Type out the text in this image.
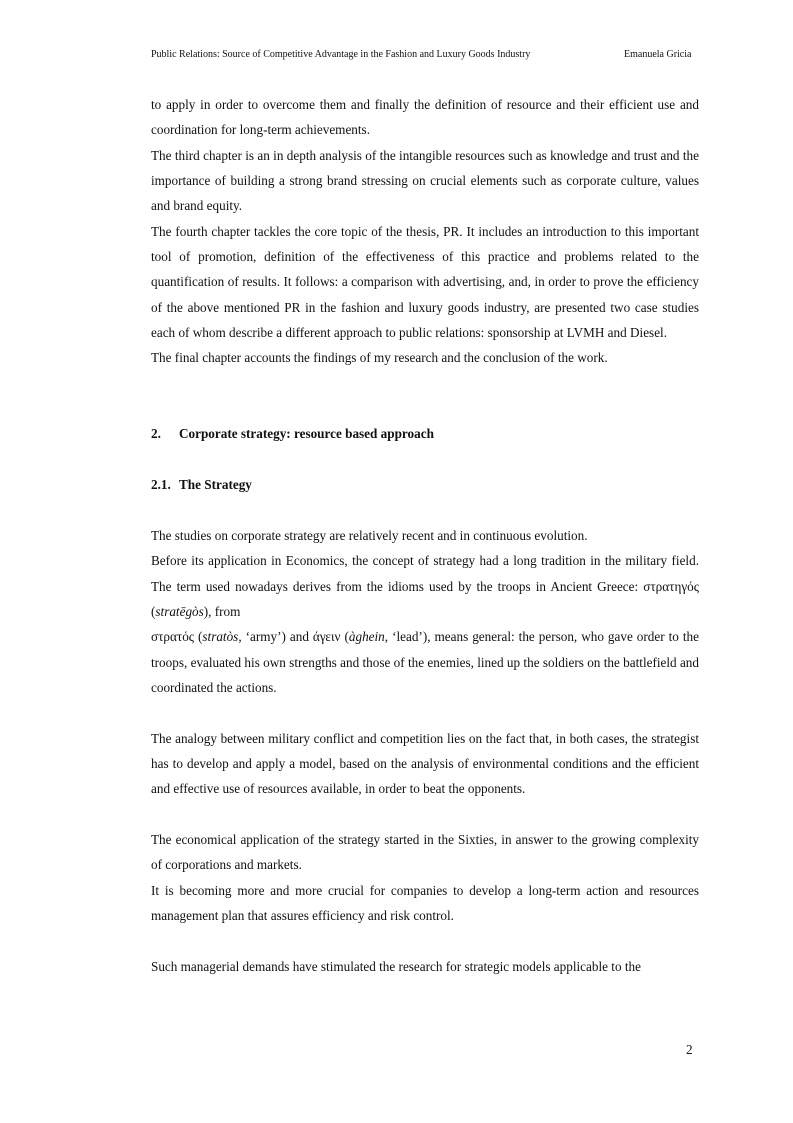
Public Relations: Source of Competitive Advantage in the Fashion and Luxury Goods Industry	Emanuela Gricia

to apply in order to overcome them and finally the definition of resource and their efficient use and coordination for long-term achievements.

The third chapter is an in depth analysis of the intangible resources such as knowledge and trust and the importance of building a strong brand stressing on crucial elements such as corporate culture, values and brand equity.

The fourth chapter tackles the core topic of the thesis, PR. It includes an introduction to this important tool of promotion, definition of the effectiveness of this practice and problems related to the quantification of results. It follows: a comparison with advertising, and, in order to prove the efficiency of the above mentioned PR in the fashion and luxury goods industry, are presented two case studies each of whom describe a different approach to public relations: sponsorship at LVMH and Diesel.

The final chapter accounts the findings of my research and the conclusion of the work.

2. Corporate strategy: resource based approach

2.1. The Strategy

The studies on corporate strategy are relatively recent and in continuous evolution.

Before its application in Economics, the concept of strategy had a long tradition in the military field. The term used nowadays derives from the idioms used by the troops in Ancient Greece: στρατηγός (stratēgòs), from

στρατός (stratòs, ‘army’) and άγειν (àghein, ‘lead’), means general: the person, who gave order to the troops, evaluated his own strengths and those of the enemies, lined up the soldiers on the battlefield and coordinated the actions.

The analogy between military conflict and competition lies on the fact that, in both cases, the strategist has to develop and apply a model, based on the analysis of environmental conditions and the efficient and effective use of resources available, in order to beat the opponents.

The economical application of the strategy started in the Sixties, in answer to the growing complexity of corporations and markets.

It is becoming more and more crucial for companies to develop a long-term action and resources management plan that assures efficiency and risk control.

Such managerial demands have stimulated the research for strategic models applicable to the

2
